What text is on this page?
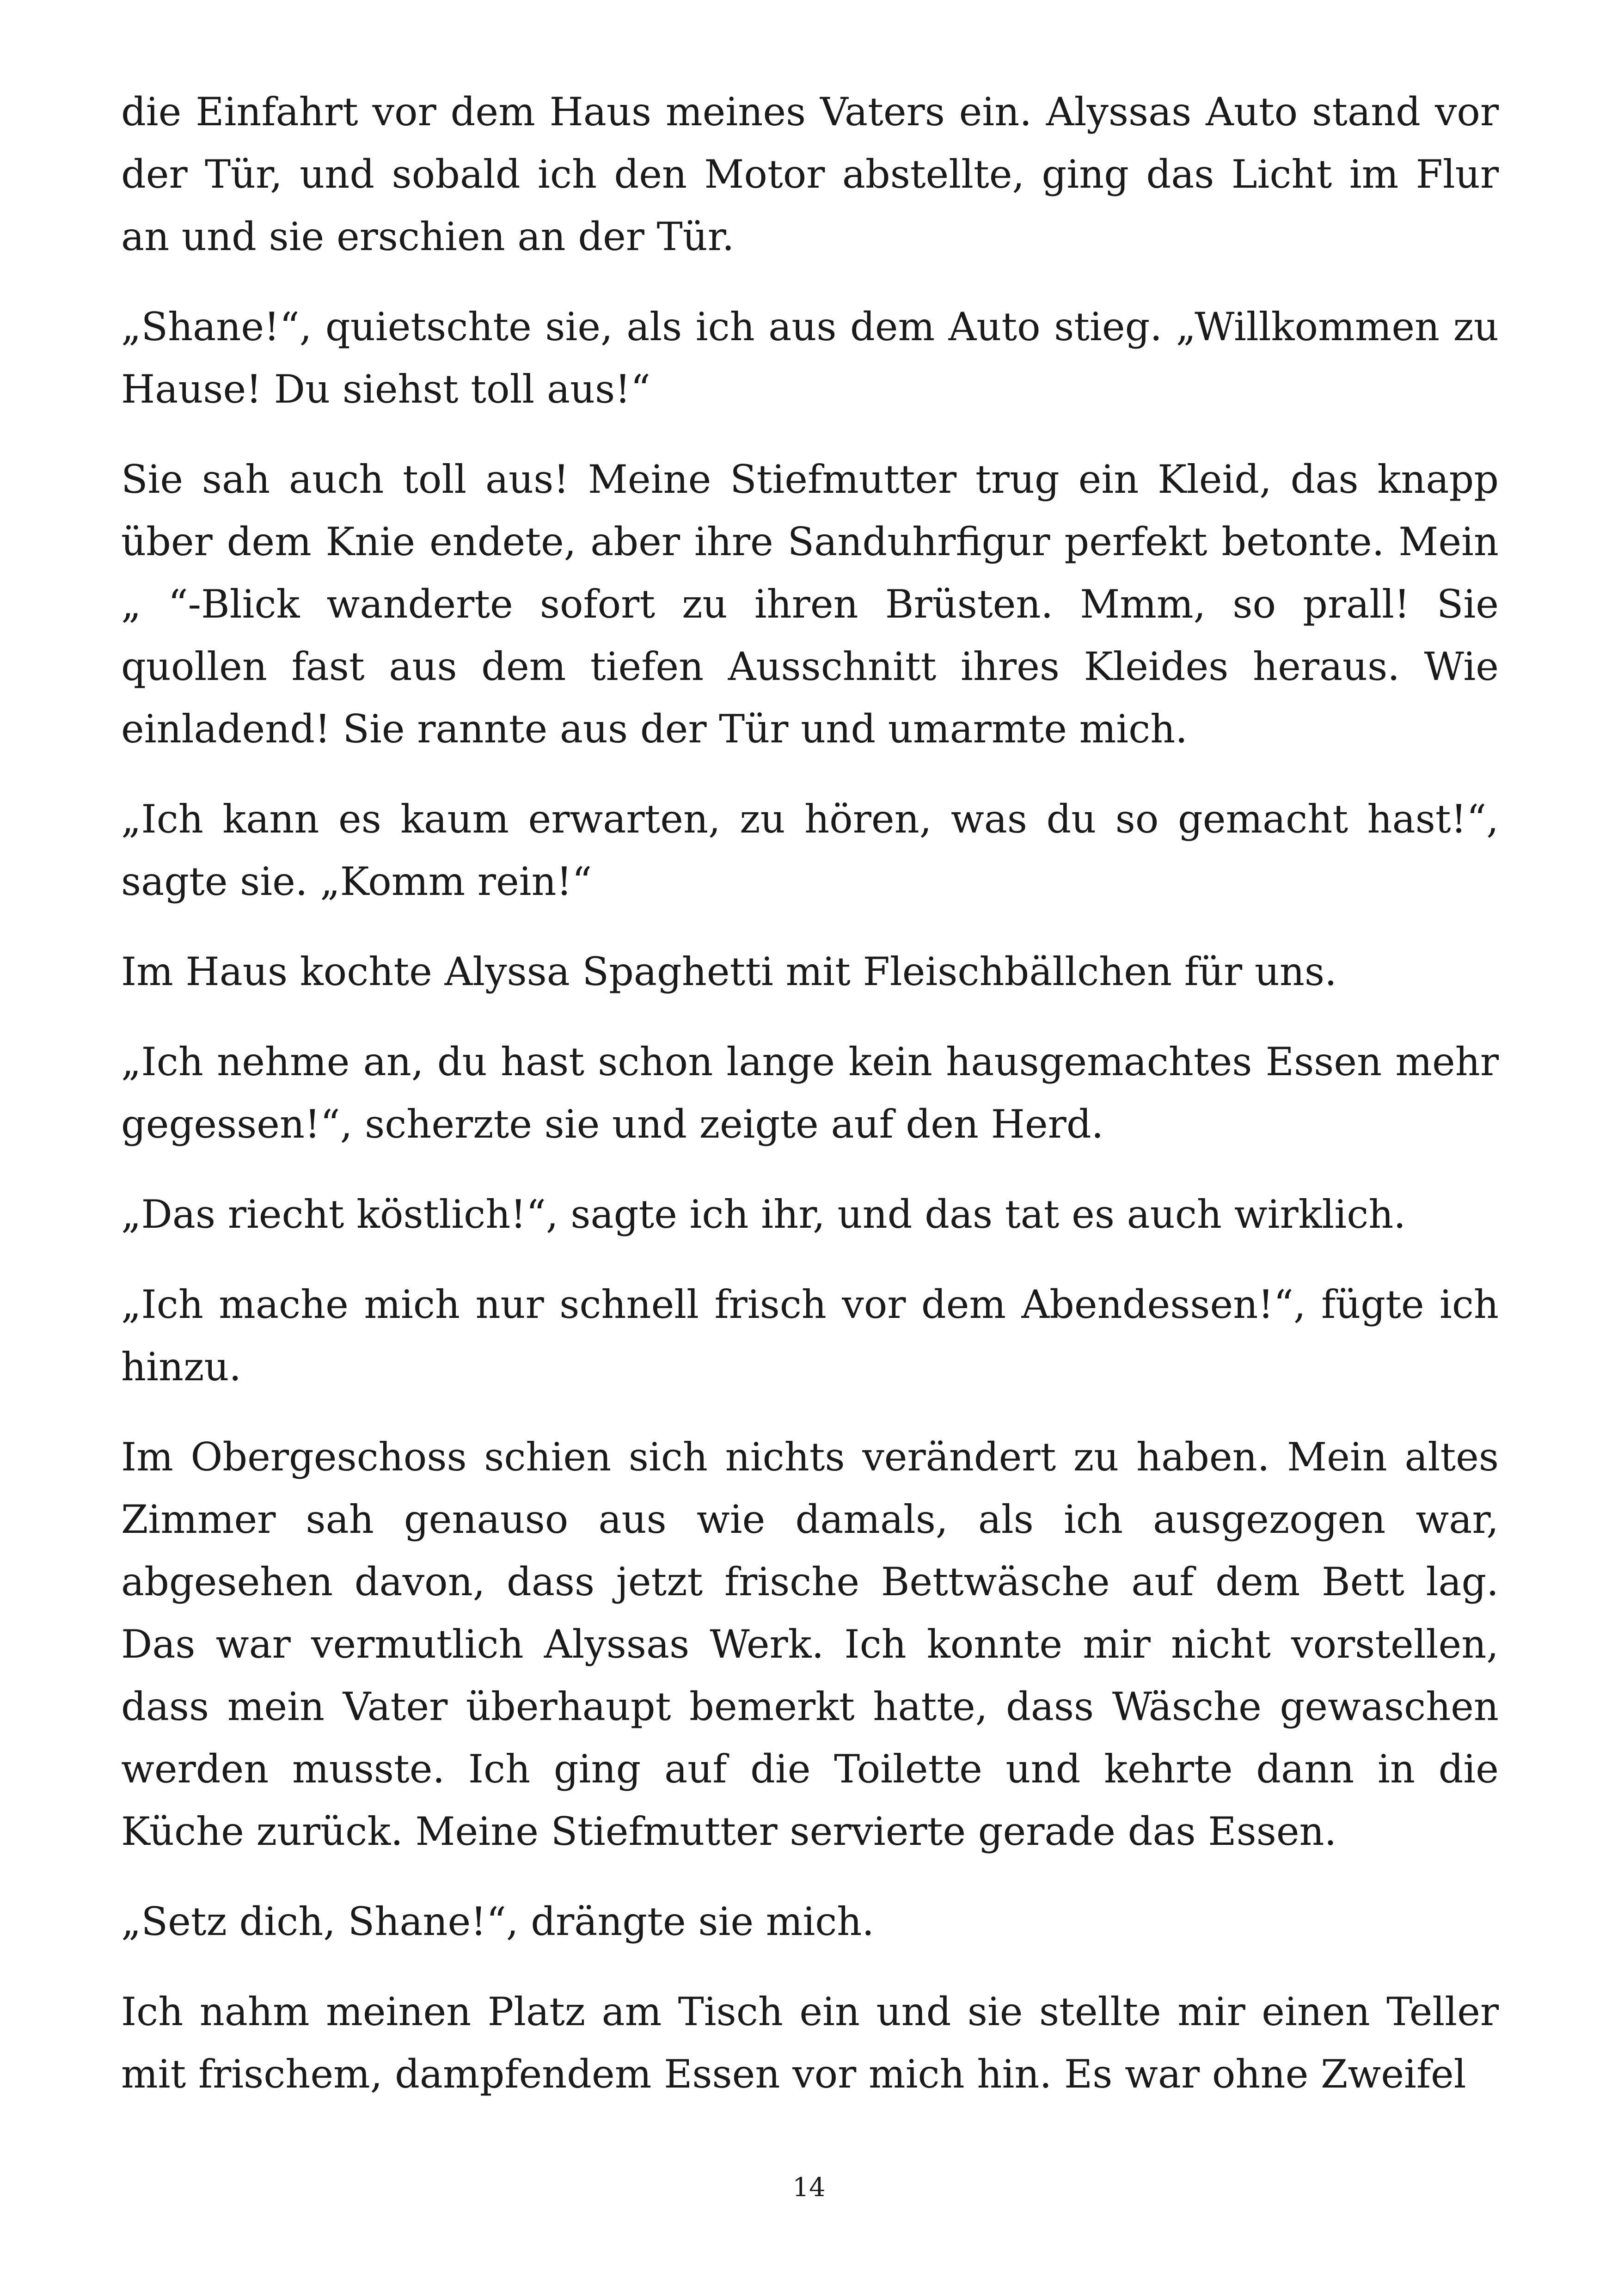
die Einfahrt vor dem Haus meines Vaters ein. Alyssas Auto stand vor der Tür, und sobald ich den Motor abstellte, ging das Licht im Flur an und sie erschien an der Tür.

„Shane!“, quietschte sie, als ich aus dem Auto stieg. „Willkommen zu Hause! Du siehst toll aus!“

Sie sah auch toll aus! Meine Stiefmutter trug ein Kleid, das knapp über dem Knie endete, aber ihre Sanduhrfigur perfekt betonte. Mein „ “-Blick wanderte sofort zu ihren Brüsten. Mmm, so prall! Sie quollen fast aus dem tiefen Ausschnitt ihres Kleides heraus. Wie einladend! Sie rannte aus der Tür und umarmte mich.

„Ich kann es kaum erwarten, zu hören, was du so gemacht hast!“, sagte sie. „Komm rein!“

Im Haus kochte Alyssa Spaghetti mit Fleischbällchen für uns.

„Ich nehme an, du hast schon lange kein hausgemachtes Essen mehr gegessen!“, scherzte sie und zeigte auf den Herd.

„Das riecht köstlich!“, sagte ich ihr, und das tat es auch wirklich.

„Ich mache mich nur schnell frisch vor dem Abendessen!“, fügte ich hinzu.

Im Obergeschoss schien sich nichts verändert zu haben. Mein altes Zimmer sah genauso aus wie damals, als ich ausgezogen war, abgesehen davon, dass jetzt frische Bettwäsche auf dem Bett lag. Das war vermutlich Alyssas Werk. Ich konnte mir nicht vorstellen, dass mein Vater überhaupt bemerkt hatte, dass Wäsche gewaschen werden musste. Ich ging auf die Toilette und kehrte dann in die Küche zurück. Meine Stiefmutter servierte gerade das Essen.

„Setz dich, Shane!“, drängte sie mich.

Ich nahm meinen Platz am Tisch ein und sie stellte mir einen Teller mit frischem, dampfendem Essen vor mich hin. Es war ohne Zweifel

14
